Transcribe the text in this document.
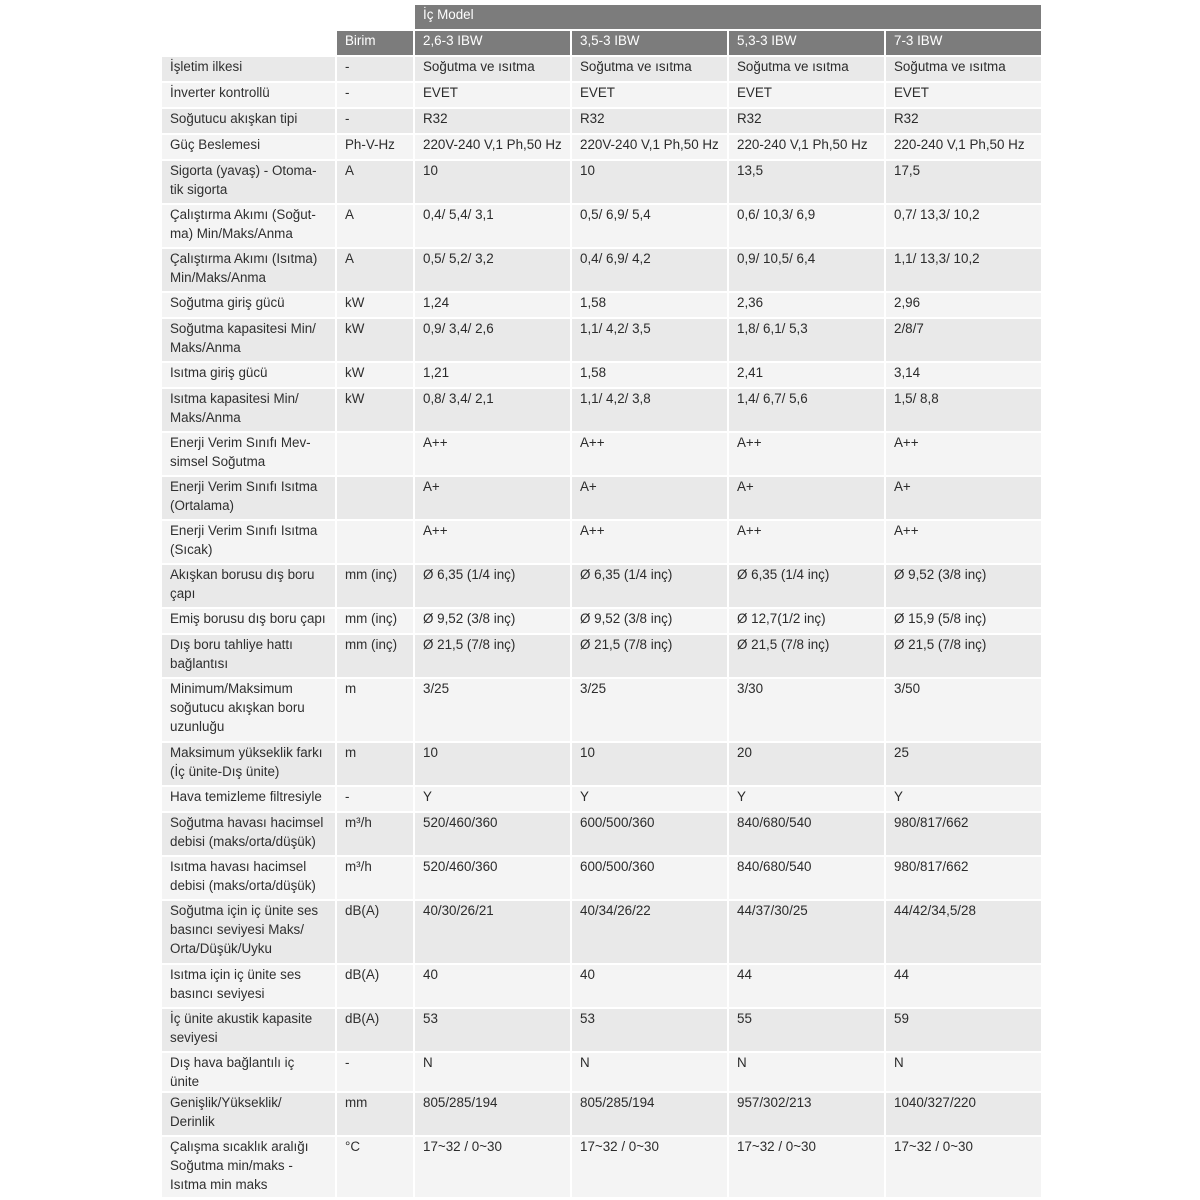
		İç Model			
	Birim	2,6-3 IBW	3,5-3 IBW	5,3-3 IBW	7-3 IBW
İşletim ilkesi	-	Soğutma ve ısıtma	Soğutma ve ısıtma	Soğutma ve ısıtma	Soğutma ve ısıtma
İnverter kontrollü	-	EVET	EVET	EVET	EVET
Soğutucu akışkan tipi	-	R32	R32	R32	R32
Güç Beslemesi	Ph-V-Hz	220V-240 V,1 Ph,50 Hz	220V-240 V,1 Ph,50 Hz	220-240 V,1 Ph,50 Hz	220-240 V,1 Ph,50 Hz
Sigorta (yavaş) - Otoma-tik sigorta	A	10	10	13,5	17,5
Çalıştırma Akımı (Soğut-ma) Min/Maks/Anma	A	0,4/ 5,4/ 3,1	0,5/ 6,9/ 5,4	0,6/ 10,3/ 6,9	0,7/ 13,3/ 10,2
Çalıştırma Akımı (Isıtma) Min/Maks/Anma	A	0,5/ 5,2/ 3,2	0,4/ 6,9/ 4,2	0,9/ 10,5/ 6,4	1,1/ 13,3/ 10,2
Soğutma giriş gücü	kW	1,24	1,58	2,36	2,96
Soğutma kapasitesi Min/ Maks/Anma	kW	0,9/ 3,4/ 2,6	1,1/ 4,2/ 3,5	1,8/ 6,1/ 5,3	2/8/7
Isıtma giriş gücü	kW	1,21	1,58	2,41	3,14
Isıtma kapasitesi Min/ Maks/Anma	kW	0,8/ 3,4/ 2,1	1,1/ 4,2/ 3,8	1,4/ 6,7/ 5,6	1,5/ 8,8
Enerji Verim Sınıfı Mev-simsel Soğutma		A++	A++	A++	A++
Enerji Verim Sınıfı Isıtma (Ortalama)		A+	A+	A+	A+
Enerji Verim Sınıfı Isıtma (Sıcak)		A++	A++	A++	A++
Akışkan borusu dış boru çapı	mm (inç)	Ø 6,35 (1/4 inç)	Ø 6,35 (1/4 inç)	Ø 6,35 (1/4 inç)	Ø 9,52 (3/8 inç)
Emiş borusu dış boru çapı	mm (inç)	Ø 9,52 (3/8 inç)	Ø 9,52 (3/8 inç)	Ø 12,7(1/2 inç)	Ø 15,9 (5/8 inç)
Dış boru tahliye hattı bağlantısı	mm (inç)	Ø 21,5 (7/8 inç)	Ø 21,5 (7/8 inç)	Ø 21,5 (7/8 inç)	Ø 21,5 (7/8 inç)
Minimum/Maksimum soğutucu akışkan boru uzunluğu	m	3/25	3/25	3/30	3/50
Maksimum yükseklik farkı (İç ünite-Dış ünite)	m	10	10	20	25
Hava temizleme filtresiyle	-	Y	Y	Y	Y
Soğutma havası hacimsel debisi (maks/orta/düşük)	m³/h	520/460/360	600/500/360	840/680/540	980/817/662
Isıtma havası hacimsel debisi (maks/orta/düşük)	m³/h	520/460/360	600/500/360	840/680/540	980/817/662
Soğutma için iç ünite ses basıncı seviyesi Maks/ Orta/Düşük/Uyku	dB(A)	40/30/26/21	40/34/26/22	44/37/30/25	44/42/34,5/28
Isıtma için iç ünite ses basıncı seviyesi	dB(A)	40	40	44	44
İç ünite akustik kapasite seviyesi	dB(A)	53	53	55	59
Dış hava bağlantılı iç ünite	-	N	N	N	N
Genişlik/Yükseklik/ Derinlik	mm	805/285/194	805/285/194	957/302/213	1040/327/220
Çalışma sıcaklık aralığı Soğutma min/maks - Isıtma min maks	°C	17~32 / 0~30	17~32 / 0~30	17~32 / 0~30	17~32 / 0~30
